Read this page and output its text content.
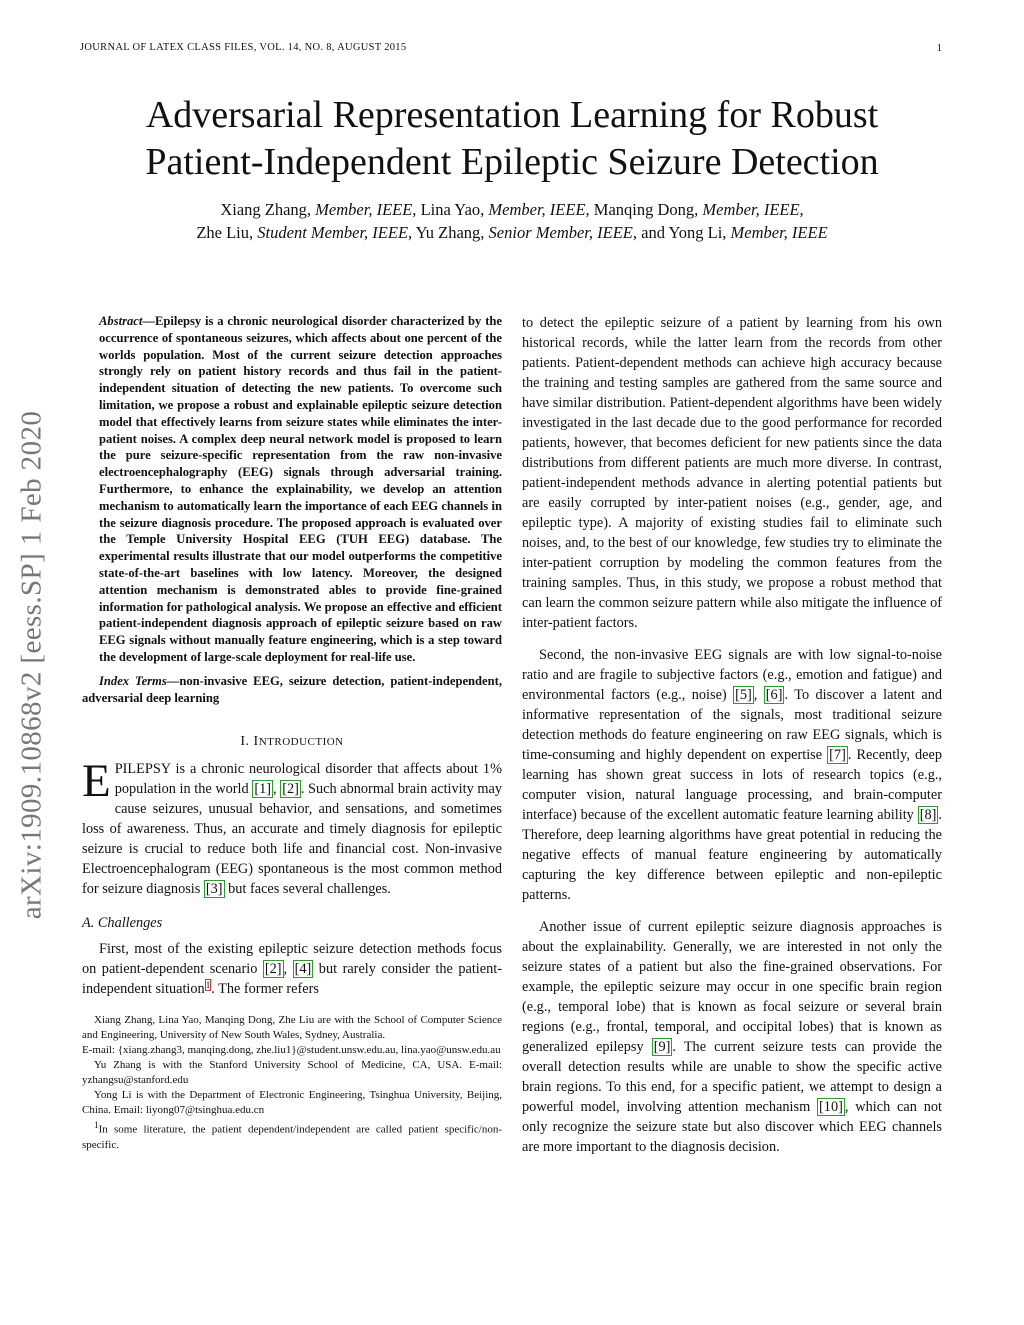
JOURNAL OF LATEX CLASS FILES, VOL. 14, NO. 8, AUGUST 2015	1
Adversarial Representation Learning for Robust
Patient-Independent Epileptic Seizure Detection
Xiang Zhang, Member, IEEE, Lina Yao, Member, IEEE, Manqing Dong, Member, IEEE,
Zhe Liu, Student Member, IEEE, Yu Zhang, Senior Member, IEEE, and Yong Li, Member, IEEE
arXiv:1909.10868v2 [eess.SP] 1 Feb 2020
Abstract—Epilepsy is a chronic neurological disorder characterized by the occurrence of spontaneous seizures, which affects about one percent of the worlds population. Most of the current seizure detection approaches strongly rely on patient history records and thus fail in the patient-independent situation of detecting the new patients. To overcome such limitation, we propose a robust and explainable epileptic seizure detection model that effectively learns from seizure states while eliminates the inter-patient noises. A complex deep neural network model is proposed to learn the pure seizure-specific representation from the raw non-invasive electroencephalography (EEG) signals through adversarial training. Furthermore, to enhance the explainability, we develop an attention mechanism to automatically learn the importance of each EEG channels in the seizure diagnosis procedure. The proposed approach is evaluated over the Temple University Hospital EEG (TUH EEG) database. The experimental results illustrate that our model outperforms the competitive state-of-the-art baselines with low latency. Moreover, the designed attention mechanism is demonstrated ables to provide fine-grained information for pathological analysis. We propose an effective and efficient patient-independent diagnosis approach of epileptic seizure based on raw EEG signals without manually feature engineering, which is a step toward the development of large-scale deployment for real-life use.
Index Terms—non-invasive EEG, seizure detection, patient-independent, adversarial deep learning
I. INTRODUCTION

EPILEPSY is a chronic neurological disorder that affects about 1% population in the world [1] , [2] . Such abnormal brain activity may cause seizures, unusual behavior, and sensations, and sometimes loss of awareness. Thus, an accurate and timely diagnosis for epileptic seizure is crucial to reduce both life and financial cost. Non-invasive Electroencephalogram (EEG) spontaneous is the most common method for seizure diagnosis [3] but faces several challenges.

A. Challenges

First, most of the existing epileptic seizure detection methods focus on patient-dependent scenario [2] , [4] but rarely consider the patient-independent situation$^1$. The former refers

Xiang Zhang, Lina Yao, Manqing Dong, Zhe Liu are with the School of Computer Science and Engineering, University of New South Wales, Sydney, Australia.

E-mail: {xiang.zhang3, manqing.dong, zhe.liu1}@student.unsw.edu.au, lina.yao@unsw.edu.au

Yu Zhang is with the Stanford University School of Medicine, CA, USA. E-mail: yzhangsu@stanford.edu

Yong Li is with the Department of Electronic Engineering, Tsinghua University, Beijing, China. Email: liyong07@tsinghua.edu.cn

$^1$In some literature, the patient dependent/independent are called patient specific/non-specific.

to detect the epileptic seizure of a patient by learning from his own historical records, while the latter learn from the records from other patients. Patient-dependent methods can achieve high accuracy because the training and testing samples are gathered from the same source and have similar distribution. Patient-dependent algorithms have been widely investigated in the last decade due to the good performance for recorded patients, however, that becomes deficient for new patients since the data distributions from different patients are much more diverse. In contrast, patient-independent methods advance in alerting potential patients but are easily corrupted by inter-patient noises (e.g., gender, age, and epileptic type). A majority of existing studies fail to eliminate such noises, and, to the best of our knowledge, few studies try to eliminate the inter-patient corruption by modeling the common features from the training samples. Thus, in this study, we propose a robust method that can learn the common seizure pattern while also mitigate the influence of inter-patient factors.

Second, the non-invasive EEG signals are with low signal-to-noise ratio and are fragile to subjective factors (e.g., emotion and fatigue) and environmental factors (e.g., noise) [5] , [6] . To discover a latent and informative representation of the signals, most traditional seizure detection methods do feature engineering on raw EEG signals, which is time-consuming and highly dependent on expertise [7] . Recently, deep learning has shown great success in lots of research topics (e.g., computer vision, natural language processing, and brain-computer interface) because of the excellent automatic feature learning ability [8] . Therefore, deep learning algorithms have great potential in reducing the negative effects of manual feature engineering by automatically capturing the key difference between epileptic and non-epileptic patterns.

Another issue of current epileptic seizure diagnosis approaches is about the explainability. Generally, we are interested in not only the seizure states of a patient but also the fine-grained observations. For example, the epileptic seizure may occur in one specific brain region (e.g., temporal lobe) that is known as focal seizure or several brain regions (e.g., frontal, temporal, and occipital lobes) that is known as generalized epilepsy [9] . The current seizure tests can provide the overall detection results while are unable to show the specific active brain regions. To this end, for a specific patient, we attempt to design a powerful model, involving attention mechanism [10] , which can not only recognize the seizure state but also discover which EEG channels are more important to the diagnosis decision.
